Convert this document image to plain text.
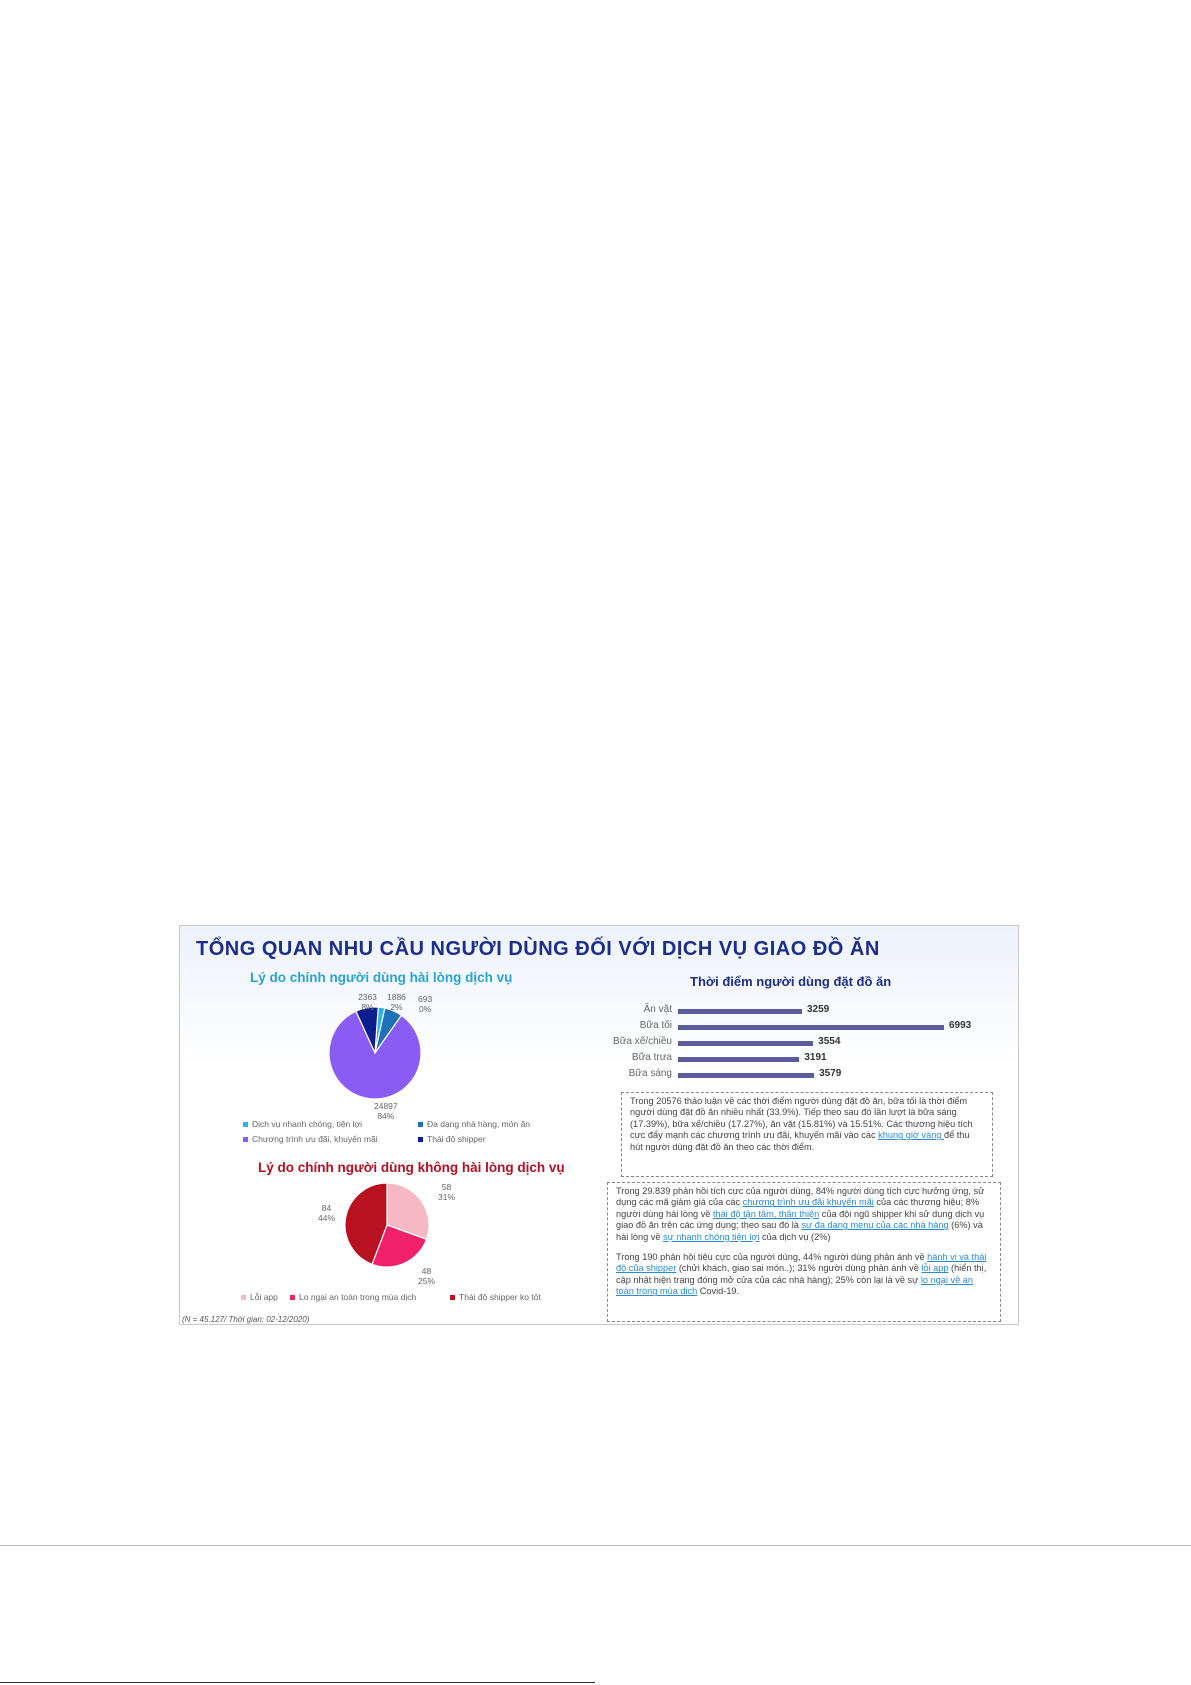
TỔNG QUAN NHU CẦU NGƯỜI DÙNG ĐỐI VỚI DỊCH VỤ GIAO ĐỒ ĂN
Lý do chính người dùng hài lòng dịch vụ
2363
8%
1886
2%
693
0%
24897
84%
Dịch vụ nhanh chóng, tiện lợi	Đa dạng nhà hàng, món ăn
Chương trình ưu đãi, khuyến mãi	Thái độ shipper
Lý do chính người dùng không hài lòng dịch vụ
58
31%
48
25%
84
44%
Lỗi app Lo ngại an toàn trong mùa dịch	Thái độ shipper ko tốt
(N = 45.127/ Thời gian: 02-12/2020)
Thời điểm người dùng đặt đồ ăn
Ăn vặt	3259
Bữa tối	6993
Bữa xế/chiều	3554
Bữa trưa	3191
Bữa sáng	3579
Trong 20576 thảo luận về các thời điểm người dùng đặt đồ ăn, bữa tối là thời điểm người dùng đặt đồ ăn nhiều nhất (33.9%). Tiếp theo sau đó lần lượt là bữa sáng (17.39%), bữa xế/chiều (17.27%), ăn vặt (15.81%) và 15.51%. Các thương hiệu tích cực đẩy mạnh các chương trình ưu đãi, khuyến mãi vào các khung giờ vàng để thu hút người dùng đặt đồ ăn theo các thời điểm.
Trong 29.839 phản hồi tích cực của người dùng, 84% người dùng tích cực hưởng ứng, sử dụng các mã giảm giá của các chương trình ưu đãi khuyến mãi của các thương hiệu; 8% người dùng hài lòng về thái độ tận tâm, thân thiện của đội ngũ shipper khi sử dụng dịch vụ giao đồ ăn trên các ứng dụng; theo sau đó là sự đa dạng menu của các nhà hàng (6%) và hài lòng về sự nhanh chóng tiện lợi của dịch vụ (2%)
Trong 190 phản hồi tiêu cực của người dùng, 44% người dùng phản ánh về hành vi và thái độ của shipper (chửi khách, giao sai món..); 31% người dùng phản ánh về lỗi app (hiển thị, cập nhật hiện trạng đóng mở cửa của các nhà hàng); 25% còn lại là về sự lo ngại về an toàn trong mùa dịch Covid-19.
